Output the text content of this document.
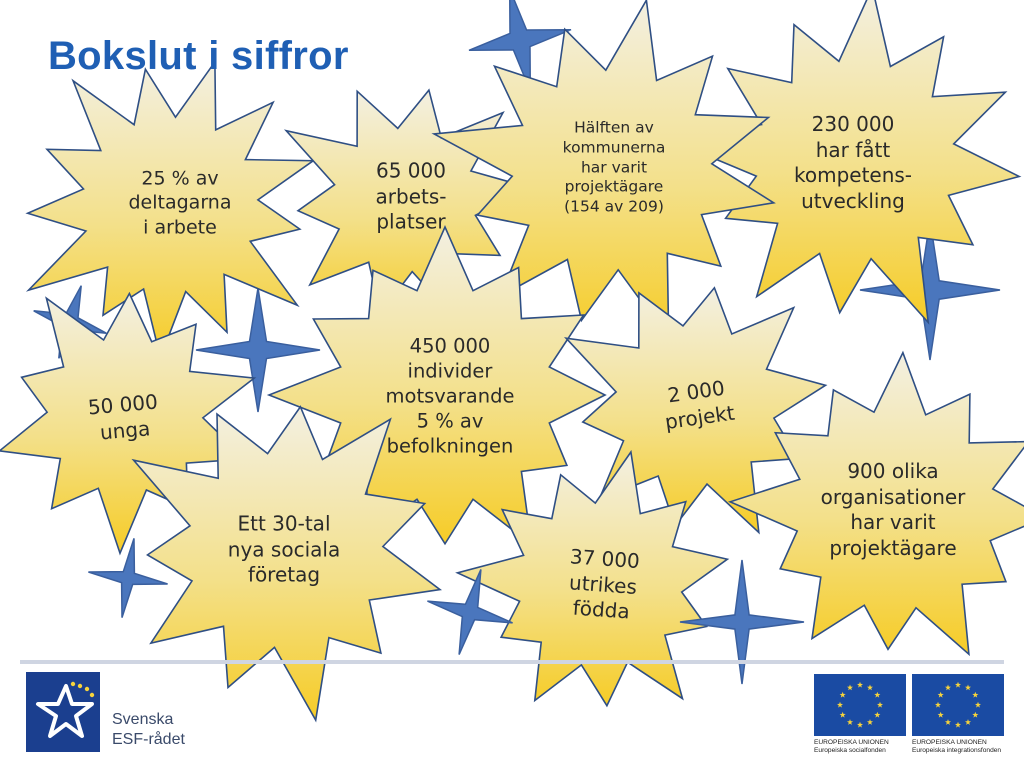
Bokslut i siffror
25 % av
deltagarna
i arbete
65 000
arbets-
platser
Hälften av
kommunerna
har varit
projektägare
(154 av 209)
230 000
har fått
kompetens-
utveckling
450 000
individer
motsvarande
5 % av
befolkningen
50 000
unga
2 000
projekt
900 olika
organisationer
har varit
projektägare
Ett 30-tal
nya sociala
företag
37 000
utrikes
födda
Svenska
ESF-rådet	EUROPEISKA UNIONEN
Europeiska socialfonden
EUROPEISKA UNIONEN
Europeiska integrationsfonden
